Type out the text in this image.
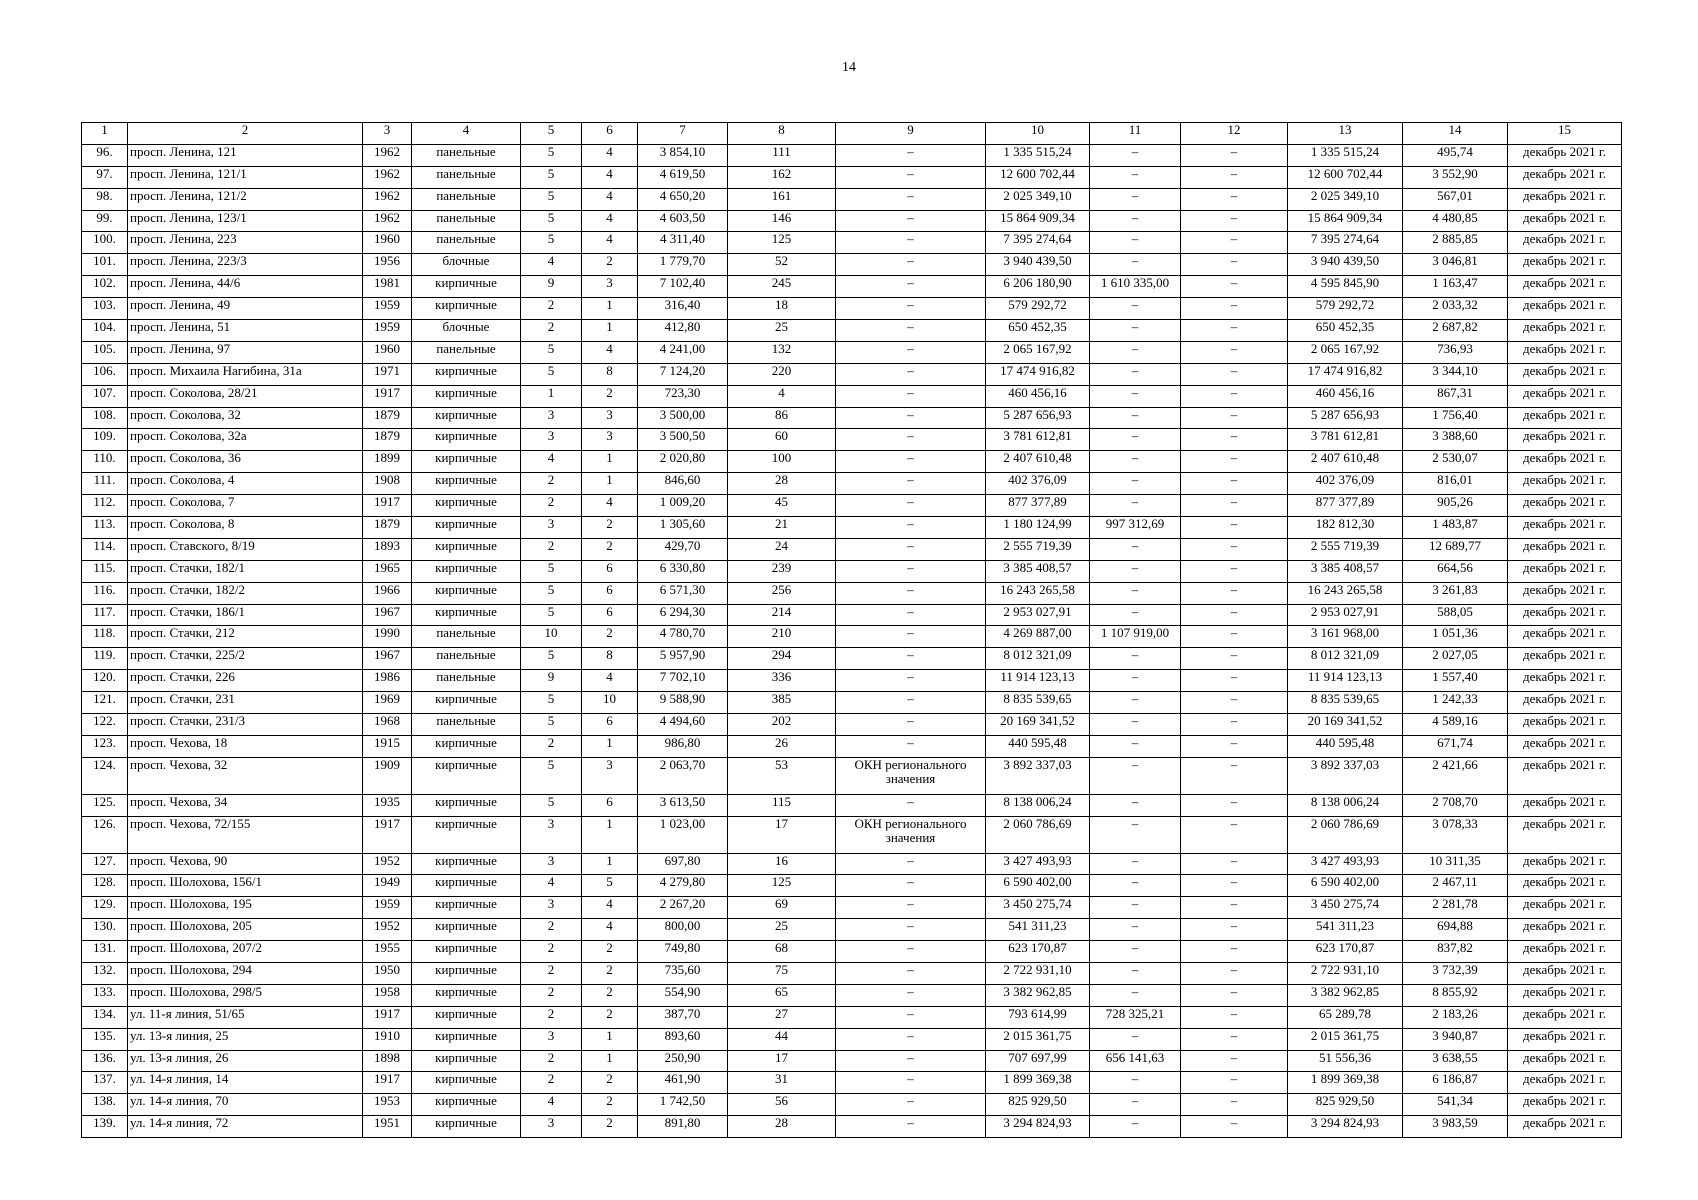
14
1	2	3	4	5	6	7	8	9	10	11	12	13	14	15
96.	просп. Ленина, 121	1962	панельные	5	4	3 854,10	111	–	1 335 515,24	–	–	1 335 515,24	495,74	декабрь 2021 г.
97.	просп. Ленина, 121/1	1962	панельные	5	4	4 619,50	162	–	12 600 702,44	–	–	12 600 702,44	3 552,90	декабрь 2021 г.
98.	просп. Ленина, 121/2	1962	панельные	5	4	4 650,20	161	–	2 025 349,10	–	–	2 025 349,10	567,01	декабрь 2021 г.
99.	просп. Ленина, 123/1	1962	панельные	5	4	4 603,50	146	–	15 864 909,34	–	–	15 864 909,34	4 480,85	декабрь 2021 г.
100.	просп. Ленина, 223	1960	панельные	5	4	4 311,40	125	–	7 395 274,64	–	–	7 395 274,64	2 885,85	декабрь 2021 г.
101.	просп. Ленина, 223/3	1956	блочные	4	2	1 779,70	52	–	3 940 439,50	–	–	3 940 439,50	3 046,81	декабрь 2021 г.
102.	просп. Ленина, 44/6	1981	кирпичные	9	3	7 102,40	245	–	6 206 180,90	1 610 335,00	–	4 595 845,90	1 163,47	декабрь 2021 г.
103.	просп. Ленина, 49	1959	кирпичные	2	1	316,40	18	–	579 292,72	–	–	579 292,72	2 033,32	декабрь 2021 г.
104.	просп. Ленина, 51	1959	блочные	2	1	412,80	25	–	650 452,35	–	–	650 452,35	2 687,82	декабрь 2021 г.
105.	просп. Ленина, 97	1960	панельные	5	4	4 241,00	132	–	2 065 167,92	–	–	2 065 167,92	736,93	декабрь 2021 г.
106.	просп. Михаила Нагибина, 31а	1971	кирпичные	5	8	7 124,20	220	–	17 474 916,82	–	–	17 474 916,82	3 344,10	декабрь 2021 г.
107.	просп. Соколова, 28/21	1917	кирпичные	1	2	723,30	4	–	460 456,16	–	–	460 456,16	867,31	декабрь 2021 г.
108.	просп. Соколова, 32	1879	кирпичные	3	3	3 500,00	86	–	5 287 656,93	–	–	5 287 656,93	1 756,40	декабрь 2021 г.
109.	просп. Соколова, 32а	1879	кирпичные	3	3	3 500,50	60	–	3 781 612,81	–	–	3 781 612,81	3 388,60	декабрь 2021 г.
110.	просп. Соколова, 36	1899	кирпичные	4	1	2 020,80	100	–	2 407 610,48	–	–	2 407 610,48	2 530,07	декабрь 2021 г.
111.	просп. Соколова, 4	1908	кирпичные	2	1	846,60	28	–	402 376,09	–	–	402 376,09	816,01	декабрь 2021 г.
112.	просп. Соколова, 7	1917	кирпичные	2	4	1 009,20	45	–	877 377,89	–	–	877 377,89	905,26	декабрь 2021 г.
113.	просп. Соколова, 8	1879	кирпичные	3	2	1 305,60	21	–	1 180 124,99	997 312,69	–	182 812,30	1 483,87	декабрь 2021 г.
114.	просп. Ставского, 8/19	1893	кирпичные	2	2	429,70	24	–	2 555 719,39	–	–	2 555 719,39	12 689,77	декабрь 2021 г.
115.	просп. Стачки, 182/1	1965	кирпичные	5	6	6 330,80	239	–	3 385 408,57	–	–	3 385 408,57	664,56	декабрь 2021 г.
116.	просп. Стачки, 182/2	1966	кирпичные	5	6	6 571,30	256	–	16 243 265,58	–	–	16 243 265,58	3 261,83	декабрь 2021 г.
117.	просп. Стачки, 186/1	1967	кирпичные	5	6	6 294,30	214	–	2 953 027,91	–	–	2 953 027,91	588,05	декабрь 2021 г.
118.	просп. Стачки, 212	1990	панельные	10	2	4 780,70	210	–	4 269 887,00	1 107 919,00	–	3 161 968,00	1 051,36	декабрь 2021 г.
119.	просп. Стачки, 225/2	1967	панельные	5	8	5 957,90	294	–	8 012 321,09	–	–	8 012 321,09	2 027,05	декабрь 2021 г.
120.	просп. Стачки, 226	1986	панельные	9	4	7 702,10	336	–	11 914 123,13	–	–	11 914 123,13	1 557,40	декабрь 2021 г.
121.	просп. Стачки, 231	1969	кирпичные	5	10	9 588,90	385	–	8 835 539,65	–	–	8 835 539,65	1 242,33	декабрь 2021 г.
122.	просп. Стачки, 231/3	1968	панельные	5	6	4 494,60	202	–	20 169 341,52	–	–	20 169 341,52	4 589,16	декабрь 2021 г.
123.	просп. Чехова, 18	1915	кирпичные	2	1	986,80	26	–	440 595,48	–	–	440 595,48	671,74	декабрь 2021 г.
124.	просп. Чехова, 32	1909	кирпичные	5	3	2 063,70	53	ОКН регионального значения	3 892 337,03	–	–	3 892 337,03	2 421,66	декабрь 2021 г.
125.	просп. Чехова, 34	1935	кирпичные	5	6	3 613,50	115	–	8 138 006,24	–	–	8 138 006,24	2 708,70	декабрь 2021 г.
126.	просп. Чехова, 72/155	1917	кирпичные	3	1	1 023,00	17	ОКН регионального значения	2 060 786,69	–	–	2 060 786,69	3 078,33	декабрь 2021 г.
127.	просп. Чехова, 90	1952	кирпичные	3	1	697,80	16	–	3 427 493,93	–	–	3 427 493,93	10 311,35	декабрь 2021 г.
128.	просп. Шолохова, 156/1	1949	кирпичные	4	5	4 279,80	125	–	6 590 402,00	–	–	6 590 402,00	2 467,11	декабрь 2021 г.
129.	просп. Шолохова, 195	1959	кирпичные	3	4	2 267,20	69	–	3 450 275,74	–	–	3 450 275,74	2 281,78	декабрь 2021 г.
130.	просп. Шолохова, 205	1952	кирпичные	2	4	800,00	25	–	541 311,23	–	–	541 311,23	694,88	декабрь 2021 г.
131.	просп. Шолохова, 207/2	1955	кирпичные	2	2	749,80	68	–	623 170,87	–	–	623 170,87	837,82	декабрь 2021 г.
132.	просп. Шолохова, 294	1950	кирпичные	2	2	735,60	75	–	2 722 931,10	–	–	2 722 931,10	3 732,39	декабрь 2021 г.
133.	просп. Шолохова, 298/5	1958	кирпичные	2	2	554,90	65	–	3 382 962,85	–	–	3 382 962,85	8 855,92	декабрь 2021 г.
134.	ул. 11-я линия, 51/65	1917	кирпичные	2	2	387,70	27	–	793 614,99	728 325,21	–	65 289,78	2 183,26	декабрь 2021 г.
135.	ул. 13-я линия, 25	1910	кирпичные	3	1	893,60	44	–	2 015 361,75	–	–	2 015 361,75	3 940,87	декабрь 2021 г.
136.	ул. 13-я линия, 26	1898	кирпичные	2	1	250,90	17	–	707 697,99	656 141,63	–	51 556,36	3 638,55	декабрь 2021 г.
137.	ул. 14-я линия, 14	1917	кирпичные	2	2	461,90	31	–	1 899 369,38	–	–	1 899 369,38	6 186,87	декабрь 2021 г.
138.	ул. 14-я линия, 70	1953	кирпичные	4	2	1 742,50	56	–	825 929,50	–	–	825 929,50	541,34	декабрь 2021 г.
139.	ул. 14-я линия, 72	1951	кирпичные	3	2	891,80	28	–	3 294 824,93	–	–	3 294 824,93	3 983,59	декабрь 2021 г.
